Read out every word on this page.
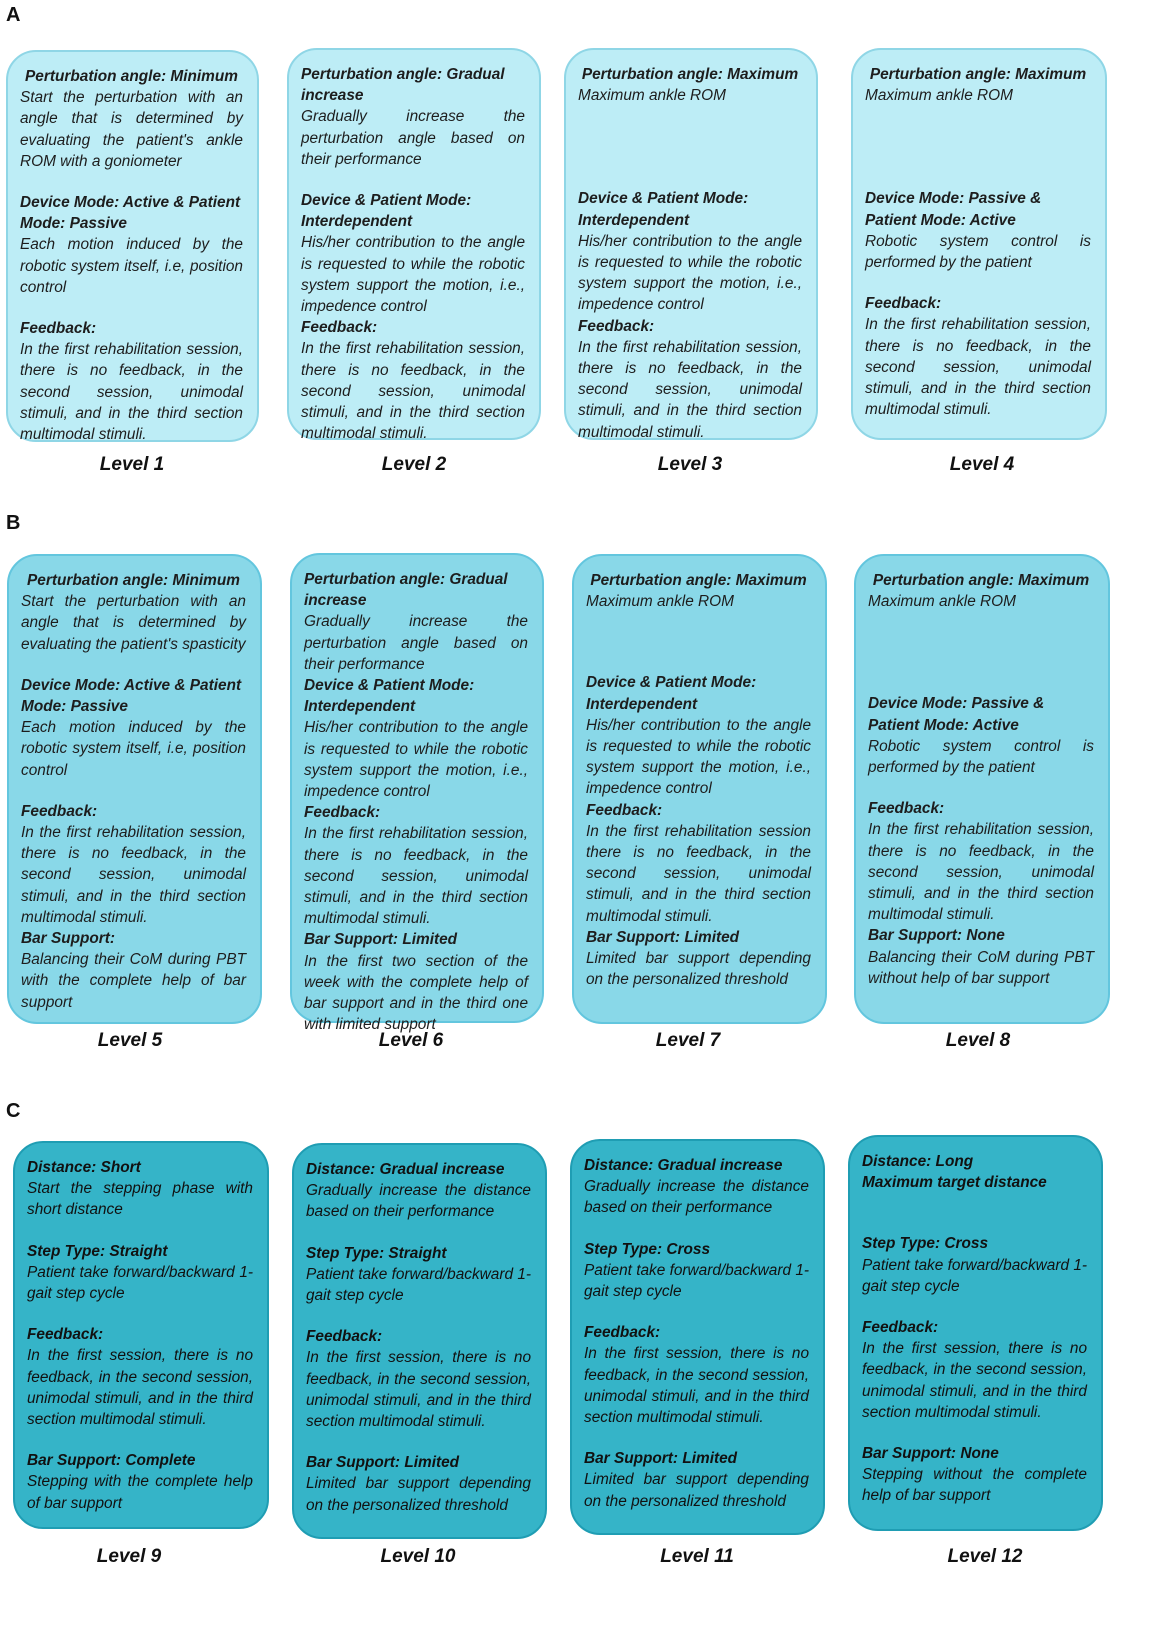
A
B
C
Perturbation angle: Minimum
Start the perturbation with an angle that is determined by evaluating the patient's ankle ROM with a goniometer
Device Mode: Active & Patient Mode: Passive
Each motion induced by the robotic system itself, i.e, position control
Feedback:
In the first rehabilitation session, there is no feedback, in the second session, unimodal stimuli, and in the third section multimodal stimuli.
Level 1
Perturbation angle: Gradual increase
Gradually increase the perturbation angle based on their performance
Device & Patient Mode: Interdependent
His/her contribution to the angle is requested to while the robotic system support the motion, i.e., impedence control
Feedback:
In the first rehabilitation session, there is no feedback, in the second session, unimodal stimuli, and in the third section multimodal stimuli.
Level 2
Perturbation angle: Maximum
Maximum ankle ROM
Device & Patient Mode: Interdependent
His/her contribution to the angle is requested to while the robotic system support the motion, i.e., impedence control
Feedback:
In the first rehabilitation session, there is no feedback, in the second session, unimodal stimuli, and in the third section multimodal stimuli.
Level 3
Perturbation angle: Maximum
Maximum ankle ROM
Device Mode: Passive & Patient Mode: Active
Robotic system control is performed by the patient
Feedback:
In the first rehabilitation session, there is no feedback, in the second session, unimodal stimuli, and in the third section multimodal stimuli.
Level 4
Perturbation angle: Minimum
Start the perturbation with an angle that is determined by evaluating the patient's spasticity
Device Mode: Active & Patient Mode: Passive
Each motion induced by the robotic system itself, i.e, position control
Feedback:
In the first rehabilitation session, there is no feedback, in the second session, unimodal stimuli, and in the third section multimodal stimuli.
Bar Support:
Balancing their CoM during PBT with the complete help of bar support
Level 5
Perturbation angle: Gradual increase
Gradually increase the perturbation angle based on their performance
Device & Patient Mode: Interdependent
His/her contribution to the angle is requested to while the robotic system support the motion, i.e., impedence control
Feedback:
In the first rehabilitation session, there is no feedback, in the second session, unimodal stimuli, and in the third section multimodal stimuli.
Bar Support: Limited
In the first two section of the week with the complete help of bar support and in the third one with limited support
Level 6
Perturbation angle: Maximum
Maximum ankle ROM
Device & Patient Mode: Interdependent
His/her contribution to the angle is requested to while the robotic system support the motion, i.e., impedence control
Feedback:
In the first rehabilitation session there is no feedback, in the second session, unimodal stimuli, and in the third section multimodal stimuli.
Bar Support: Limited
Limited bar support depending on the personalized threshold
Level 7
Perturbation angle: Maximum
Maximum ankle ROM
Device Mode: Passive & Patient Mode: Active
Robotic system control is performed by the patient
Feedback:
In the first rehabilitation session, there is no feedback, in the second session, unimodal stimuli, and in the third section multimodal stimuli.
Bar Support: None
Balancing their CoM during PBT without help of bar support
Level 8
Distance: Short
Start the stepping phase with short distance
Step Type: Straight
Patient take forward/backward 1-gait step cycle
Feedback:
In the first session, there is no feedback, in the second session, unimodal stimuli, and in the third section multimodal stimuli.
Bar Support: Complete
Stepping with the complete help of bar support
Level 9
Distance: Gradual increase
Gradually increase the distance based on their performance
Step Type: Straight
Patient take forward/backward 1-gait step cycle
Feedback:
In the first session, there is no feedback, in the second session, unimodal stimuli, and in the third section multimodal stimuli.
Bar Support: Limited
Limited bar support depending on the personalized threshold
Level 10
Distance: Gradual increase
Gradually increase the distance based on their performance
Step Type: Cross
Patient take forward/backward 1-gait step cycle
Feedback:
In the first session, there is no feedback, in the second session, unimodal stimuli, and in the third section multimodal stimuli.
Bar Support: Limited
Limited bar support depending on the personalized threshold
Level 11
Distance: Long
Maximum target distance
Step Type: Cross
Patient take forward/backward 1-gait step cycle
Feedback:
In the first session, there is no feedback, in the second session, unimodal stimuli, and in the third section multimodal stimuli.
Bar Support: None
Stepping without the complete help of bar support
Level 12
